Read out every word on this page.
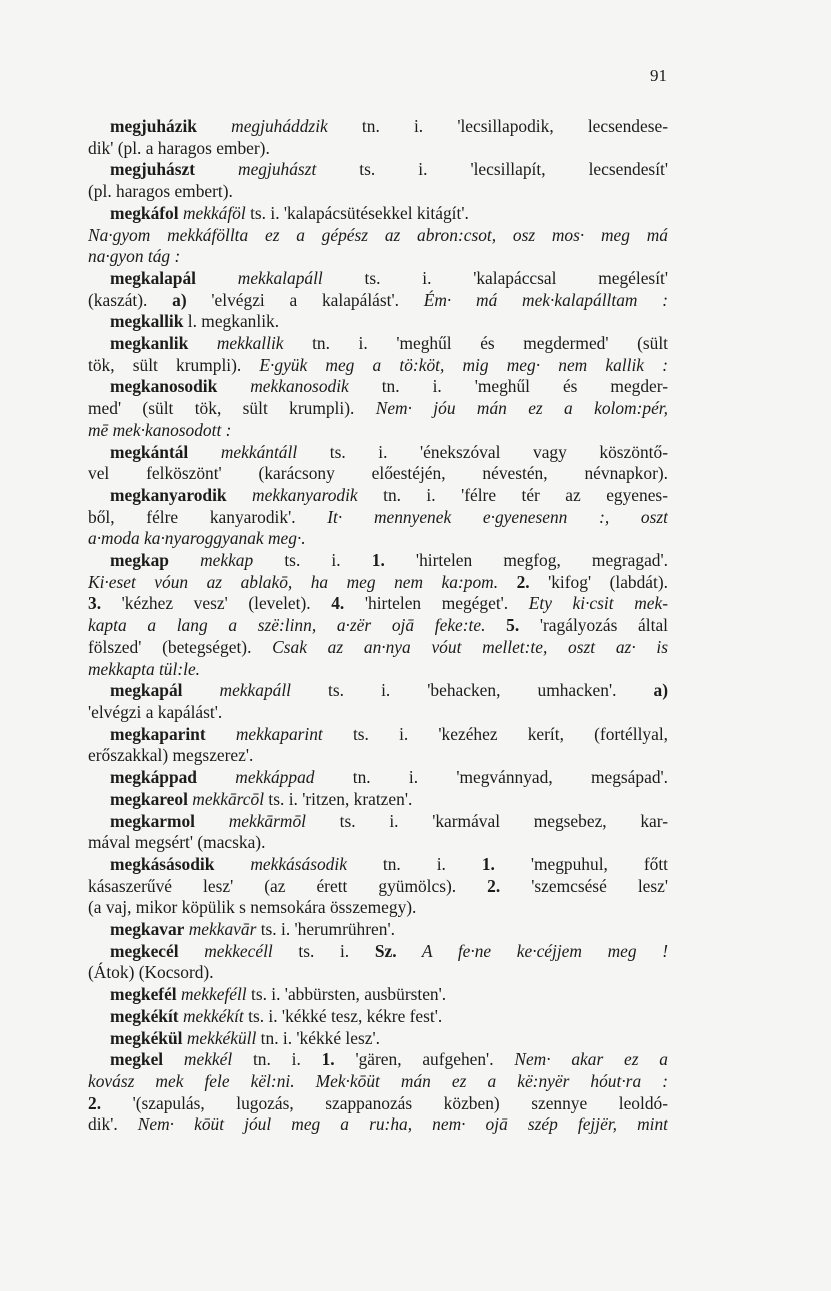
91
megjuházik megjuháddzik tn. i. 'lecsillapodik, lecsendese-
dik' (pl. a haragos ember).
megjuhászt megjuhászt ts. i. 'lecsillapít, lecsendesít'
(pl. haragos embert).
megkáfol mekkáföl ts. i. 'kalapácsütésekkel kitágít'.
Na·gyom mekkáföllta ez a gépész az abron:csot, osz mos· meg má
na·gyon tág :
megkalapál mekkalapáll ts. i. 'kalapáccsal megélesít'
(kaszát). a) 'elvégzi a kalapálást'. Ém· má mek·kalapálltam :
megkallik l. megkanlik.
megkanlik mekkallik tn. i. 'meghűl és megdermed' (sült
tök, sült krumpli). E·gyük meg a tö:köt, mig meg· nem kallik :
megkanosodik mekkanosodik tn. i. 'meghűl és megder-
med' (sült tök, sült krumpli). Nem· jóu mán ez a kolom:pér,
mē mek·kanosodott :
megkántál mekkántáll ts. i. 'énekszóval vagy köszöntő-
vel felköszönt' (karácsony előestéjén, névestén, névnapkor).
megkanyarodik mekkanyarodik tn. i. 'félre tér az egyenes-
ből, félre kanyarodik'. It· mennyenek e·gyenesenn :, oszt
a·moda ka·nyaroggyanak meg·.
megkap mekkap ts. i. 1. 'hirtelen megfog, megragad'.
Ki·eset vóun az ablakō, ha meg nem ka:pom. 2. 'kifog' (labdát).
3. 'kézhez vesz' (levelet). 4. 'hirtelen megéget'. Ety ki·csit mek-
kapta a lang a szë:linn, a·zër ojā feke:te. 5. 'ragályozás által
fölszed' (betegséget). Csak az an·nya vóut mellet:te, oszt az· is
mekkapta tül:le.
megkapál mekkapáll ts. i. 'behacken, umhacken'. a)
'elvégzi a kapálást'.
megkaparint mekkaparint ts. i. 'kezéhez kerít, (fortéllyal,
erőszakkal) megszerez'.
megkáppad mekkáppad tn. i. 'megvánnyad, megsápad'.
megkareol mekkārcōl ts. i. 'ritzen, kratzen'.
megkarmol mekkārmōl ts. i. 'karmával megsebez, kar-
mával megsért' (macska).
megkásásodik mekkásásodik tn. i. 1. 'megpuhul, főtt
kásaszerűvé lesz' (az érett gyümölcs). 2. 'szemcsésé lesz'
(a vaj, mikor köpülik s nemsokára összemegy).
megkavar mekkavār ts. i. 'herumrühren'.
megkecél mekkecéll ts. i. Sz. A fe·ne ke·céjjem meg !
(Átok) (Kocsord).
megkefél mekkeféll ts. i. 'abbürsten, ausbürsten'.
megkékít mekkékít ts. i. 'kékké tesz, kékre fest'.
megkékül mekkéküll tn. i. 'kékké lesz'.
megkel mekkél tn. i. 1. 'gären, aufgehen'. Nem· akar ez a
kovász mek fele kël:ni. Mek·kōüt mán ez a kë:nyër hóut·ra :
2. '(szapulás, lugozás, szappanozás közben) szennye leoldó-
dik'. Nem· kōüt jóul meg a ru:ha, nem· ojā szép fejjër, mint
